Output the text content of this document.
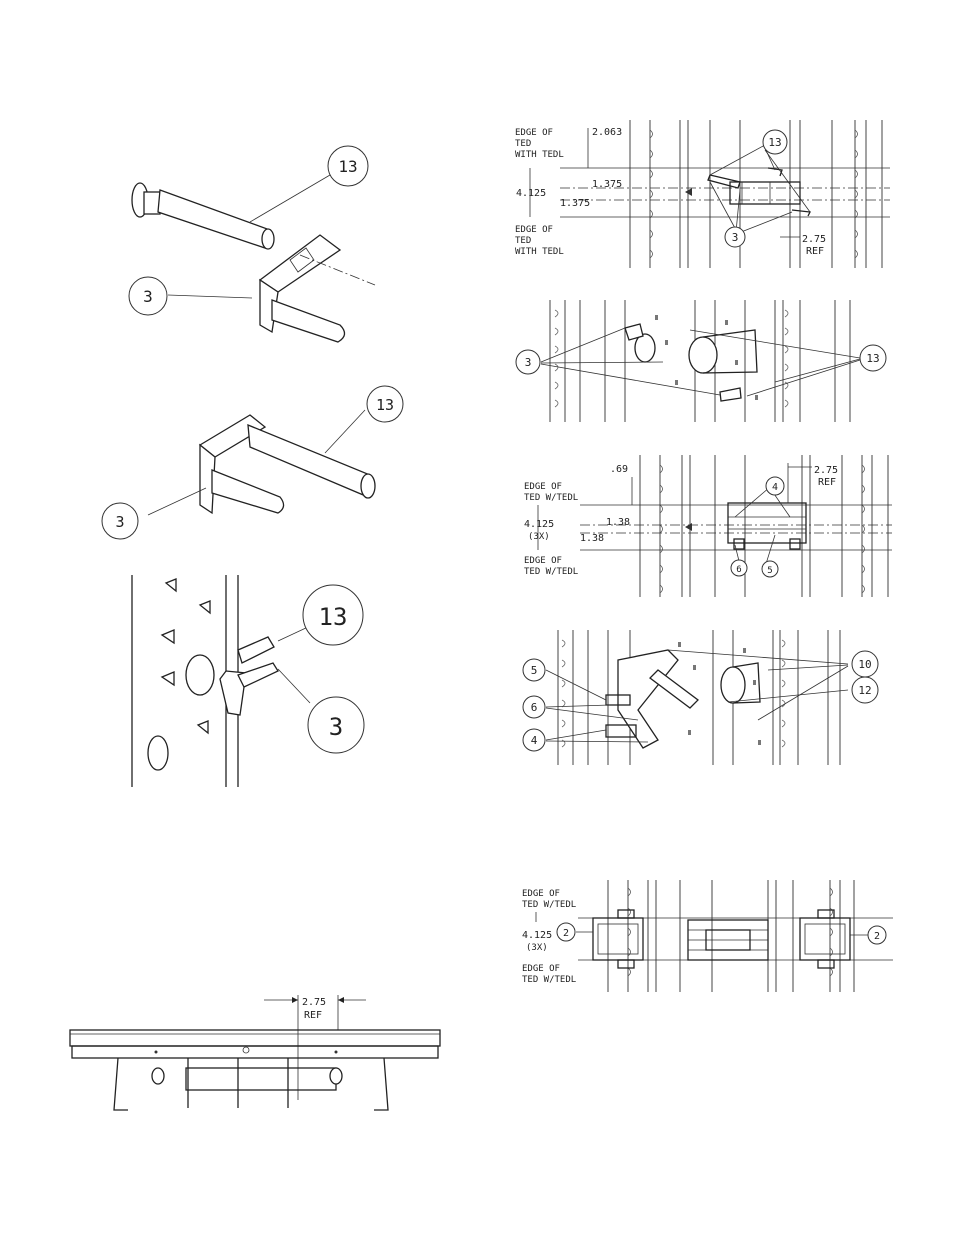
13
3
13
3
13
3
2.75
REF
EDGE OF
TED
WITH TEDL
2.063
4.125
1.375
1.375
EDGE OF
TED
WITH TEDL
2.75
REF
13
3
3	13
.69
EDGE OF
TED W/TEDL
4.125
(3X)
1.38
1.38
EDGE OF
TED W/TEDL
2.75
REF
4
6	5
5
6
4
10
12
EDGE OF
TED W/TEDL
4.125
(3X)
EDGE OF
TED W/TEDL
2	2
